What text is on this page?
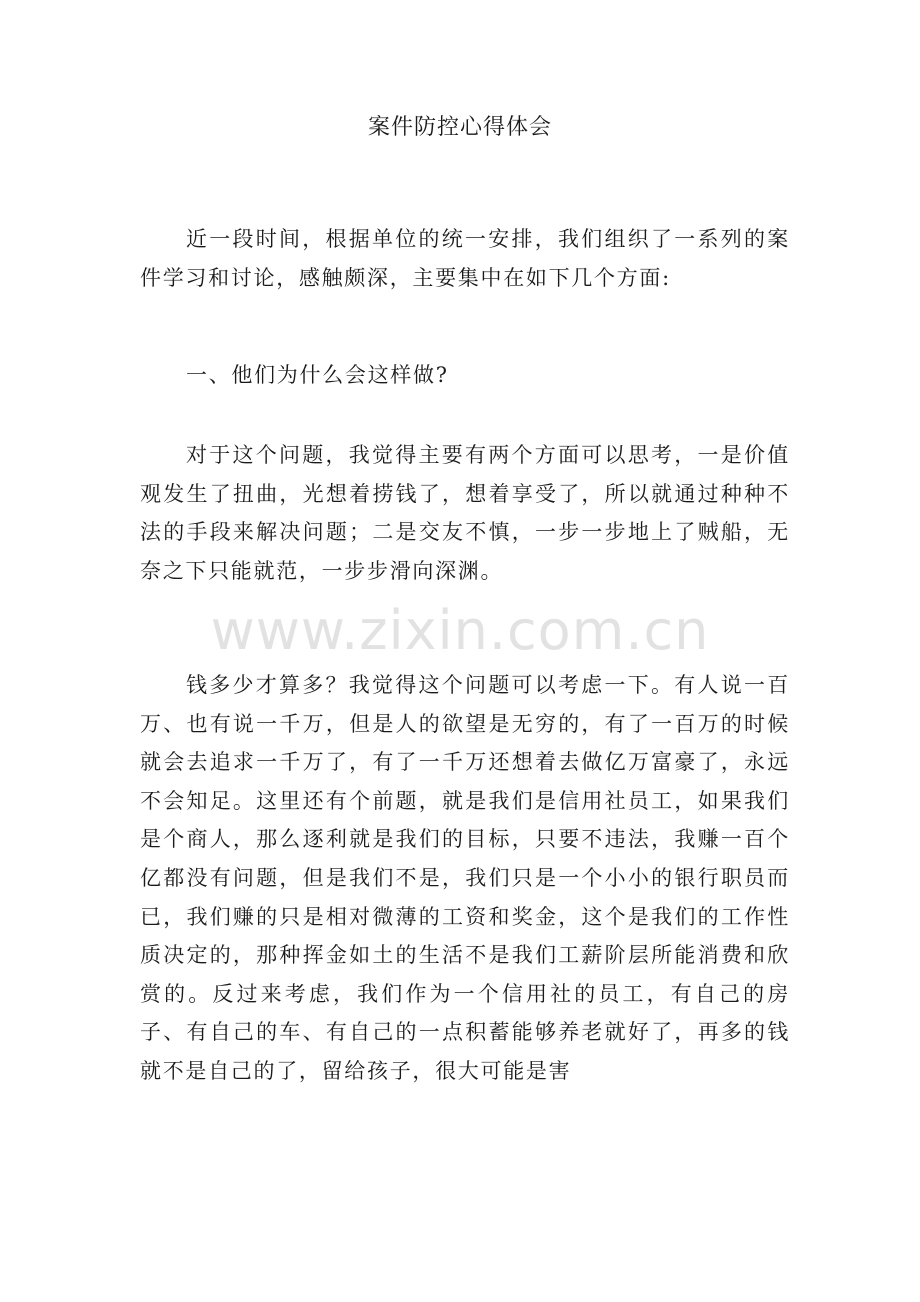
案件防控心得体会

近一段时间，根据单位的统一安排，我们组织了一系列的案件学习和讨论，感触颇深，主要集中在如下几个方面:

一、他们为什么会这样做?

对于这个问题，我觉得主要有两个方面可以思考，一是价值观发生了扭曲，光想着捞钱了，想着享受了，所以就通过种种不法的手段来解决问题；二是交友不慎，一步一步地上了贼船，无奈之下只能就范，一步步滑向深渊。

钱多少才算多？我觉得这个问题可以考虑一下。有人说一百万、也有说一千万，但是人的欲望是无穷的，有了一百万的时候就会去追求一千万了，有了一千万还想着去做亿万富豪了，永远不会知足。这里还有个前题，就是我们是信用社员工，如果我们是个商人，那么逐利就是我们的目标，只要不违法，我赚一百个亿都没有问题，但是我们不是，我们只是一个小小的银行职员而已，我们赚的只是相对微薄的工资和奖金，这个是我们的工作性质决定的，那种挥金如土的生活不是我们工薪阶层所能消费和欣赏的。反过来考虑，我们作为一个信用社的员工，有自己的房子、有自己的车、有自己的一点积蓄能够养老就好了，再多的钱就不是自己的了，留给孩子，很大可能是害

www.zixin.com.cn
